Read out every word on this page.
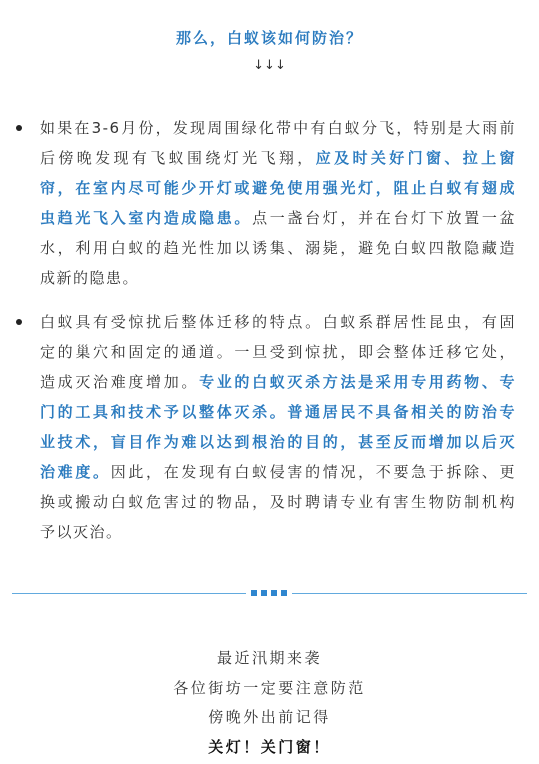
那么，白蚁该如何防治？
↓↓↓
如果在3-6月份，发现周围绿化带中有白蚁分飞，特别是大雨前
后傍晚发现有飞蚁围绕灯光飞翔，应及时关好门窗、拉上窗
帘，在室内尽可能少开灯或避免使用强光灯，阻止白蚁有翅成
虫趋光飞入室内造成隐患。点一盏台灯，并在台灯下放置一盆
水，利用白蚁的趋光性加以诱集、溺毙，避免白蚁四散隐藏造
成新的隐患。
白蚁具有受惊扰后整体迁移的特点。白蚁系群居性昆虫，有固
定的巢穴和固定的通道。一旦受到惊扰，即会整体迁移它处，
造成灭治难度增加。专业的白蚁灭杀方法是采用专用药物、专
门的工具和技术予以整体灭杀。普通居民不具备相关的防治专
业技术，盲目作为难以达到根治的目的，甚至反而增加以后灭
治难度。因此，在发现有白蚁侵害的情况，不要急于拆除、更
换或搬动白蚁危害过的物品，及时聘请专业有害生物防制机构
予以灭治。
最近汛期来袭
各位街坊一定要注意防范
傍晚外出前记得
关灯！关门窗！
